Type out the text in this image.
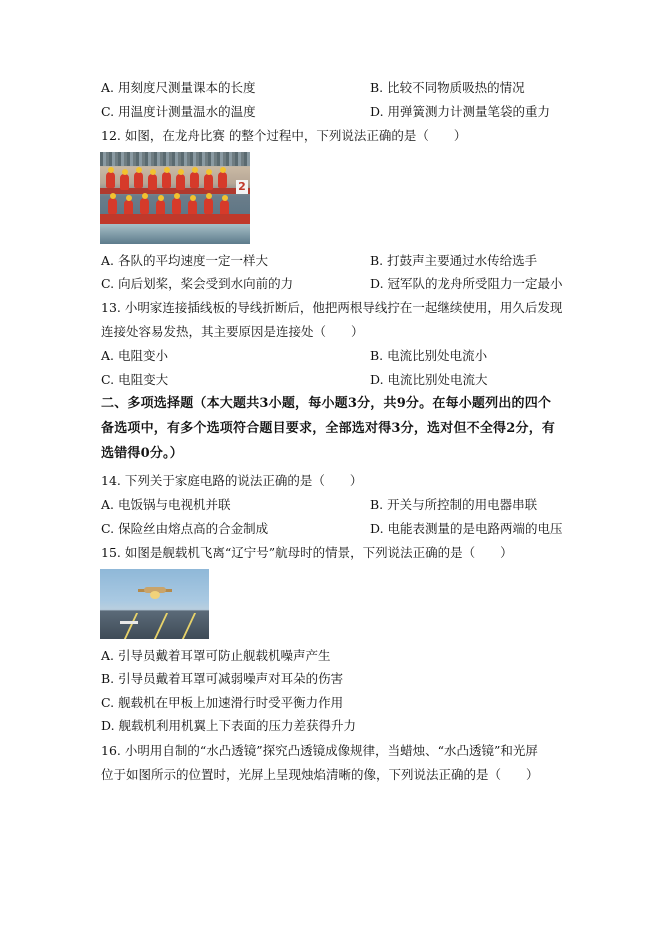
A. 用刻度尺测量课本的长度	B. 比较不同物质吸热的情况
C. 用温度计测量温水的温度	D. 用弹簧测力计测量笔袋的重力
12. 如图，在龙舟比赛 的整个过程中，下列说法正确的是（　　）
2
A. 各队的平均速度一定一样大	B. 打鼓声主要通过水传给选手
C. 向后划桨，桨会受到水向前的力	D. 冠军队的龙舟所受阻力一定最小
13. 小明家连接插线板的导线折断后，他把两根导线拧在一起继续使用，用久后发现
连接处容易发热，其主要原因是连接处（　　）
A. 电阻变小	B. 电流比别处电流小
C. 电阻变大	D. 电流比别处电流大
二、多项选择题（本大题共3小题，每小题3分，共9分。在每小题列出的四个
备选项中，有多个选项符合题目要求，全部选对得3分，选对但不全得2分，有
选错得0分。）
14. 下列关于家庭电路的说法正确的是（　　）
A. 电饭锅与电视机并联	B. 开关与所控制的用电器串联
C. 保险丝由熔点高的合金制成	D. 电能表测量的是电路两端的电压
15. 如图是舰载机飞离“辽宁号”航母时的情景，下列说法正确的是（　　）
A. 引导员戴着耳罩可防止舰载机噪声产生
B. 引导员戴着耳罩可减弱噪声对耳朵的伤害
C. 舰载机在甲板上加速滑行时受平衡力作用
D. 舰载机利用机翼上下表面的压力差获得升力
16. 小明用自制的“水凸透镜”探究凸透镜成像规律，当蜡烛、“水凸透镜”和光屏
位于如图所示的位置时，光屏上呈现烛焰清晰的像，下列说法正确的是（　　）
